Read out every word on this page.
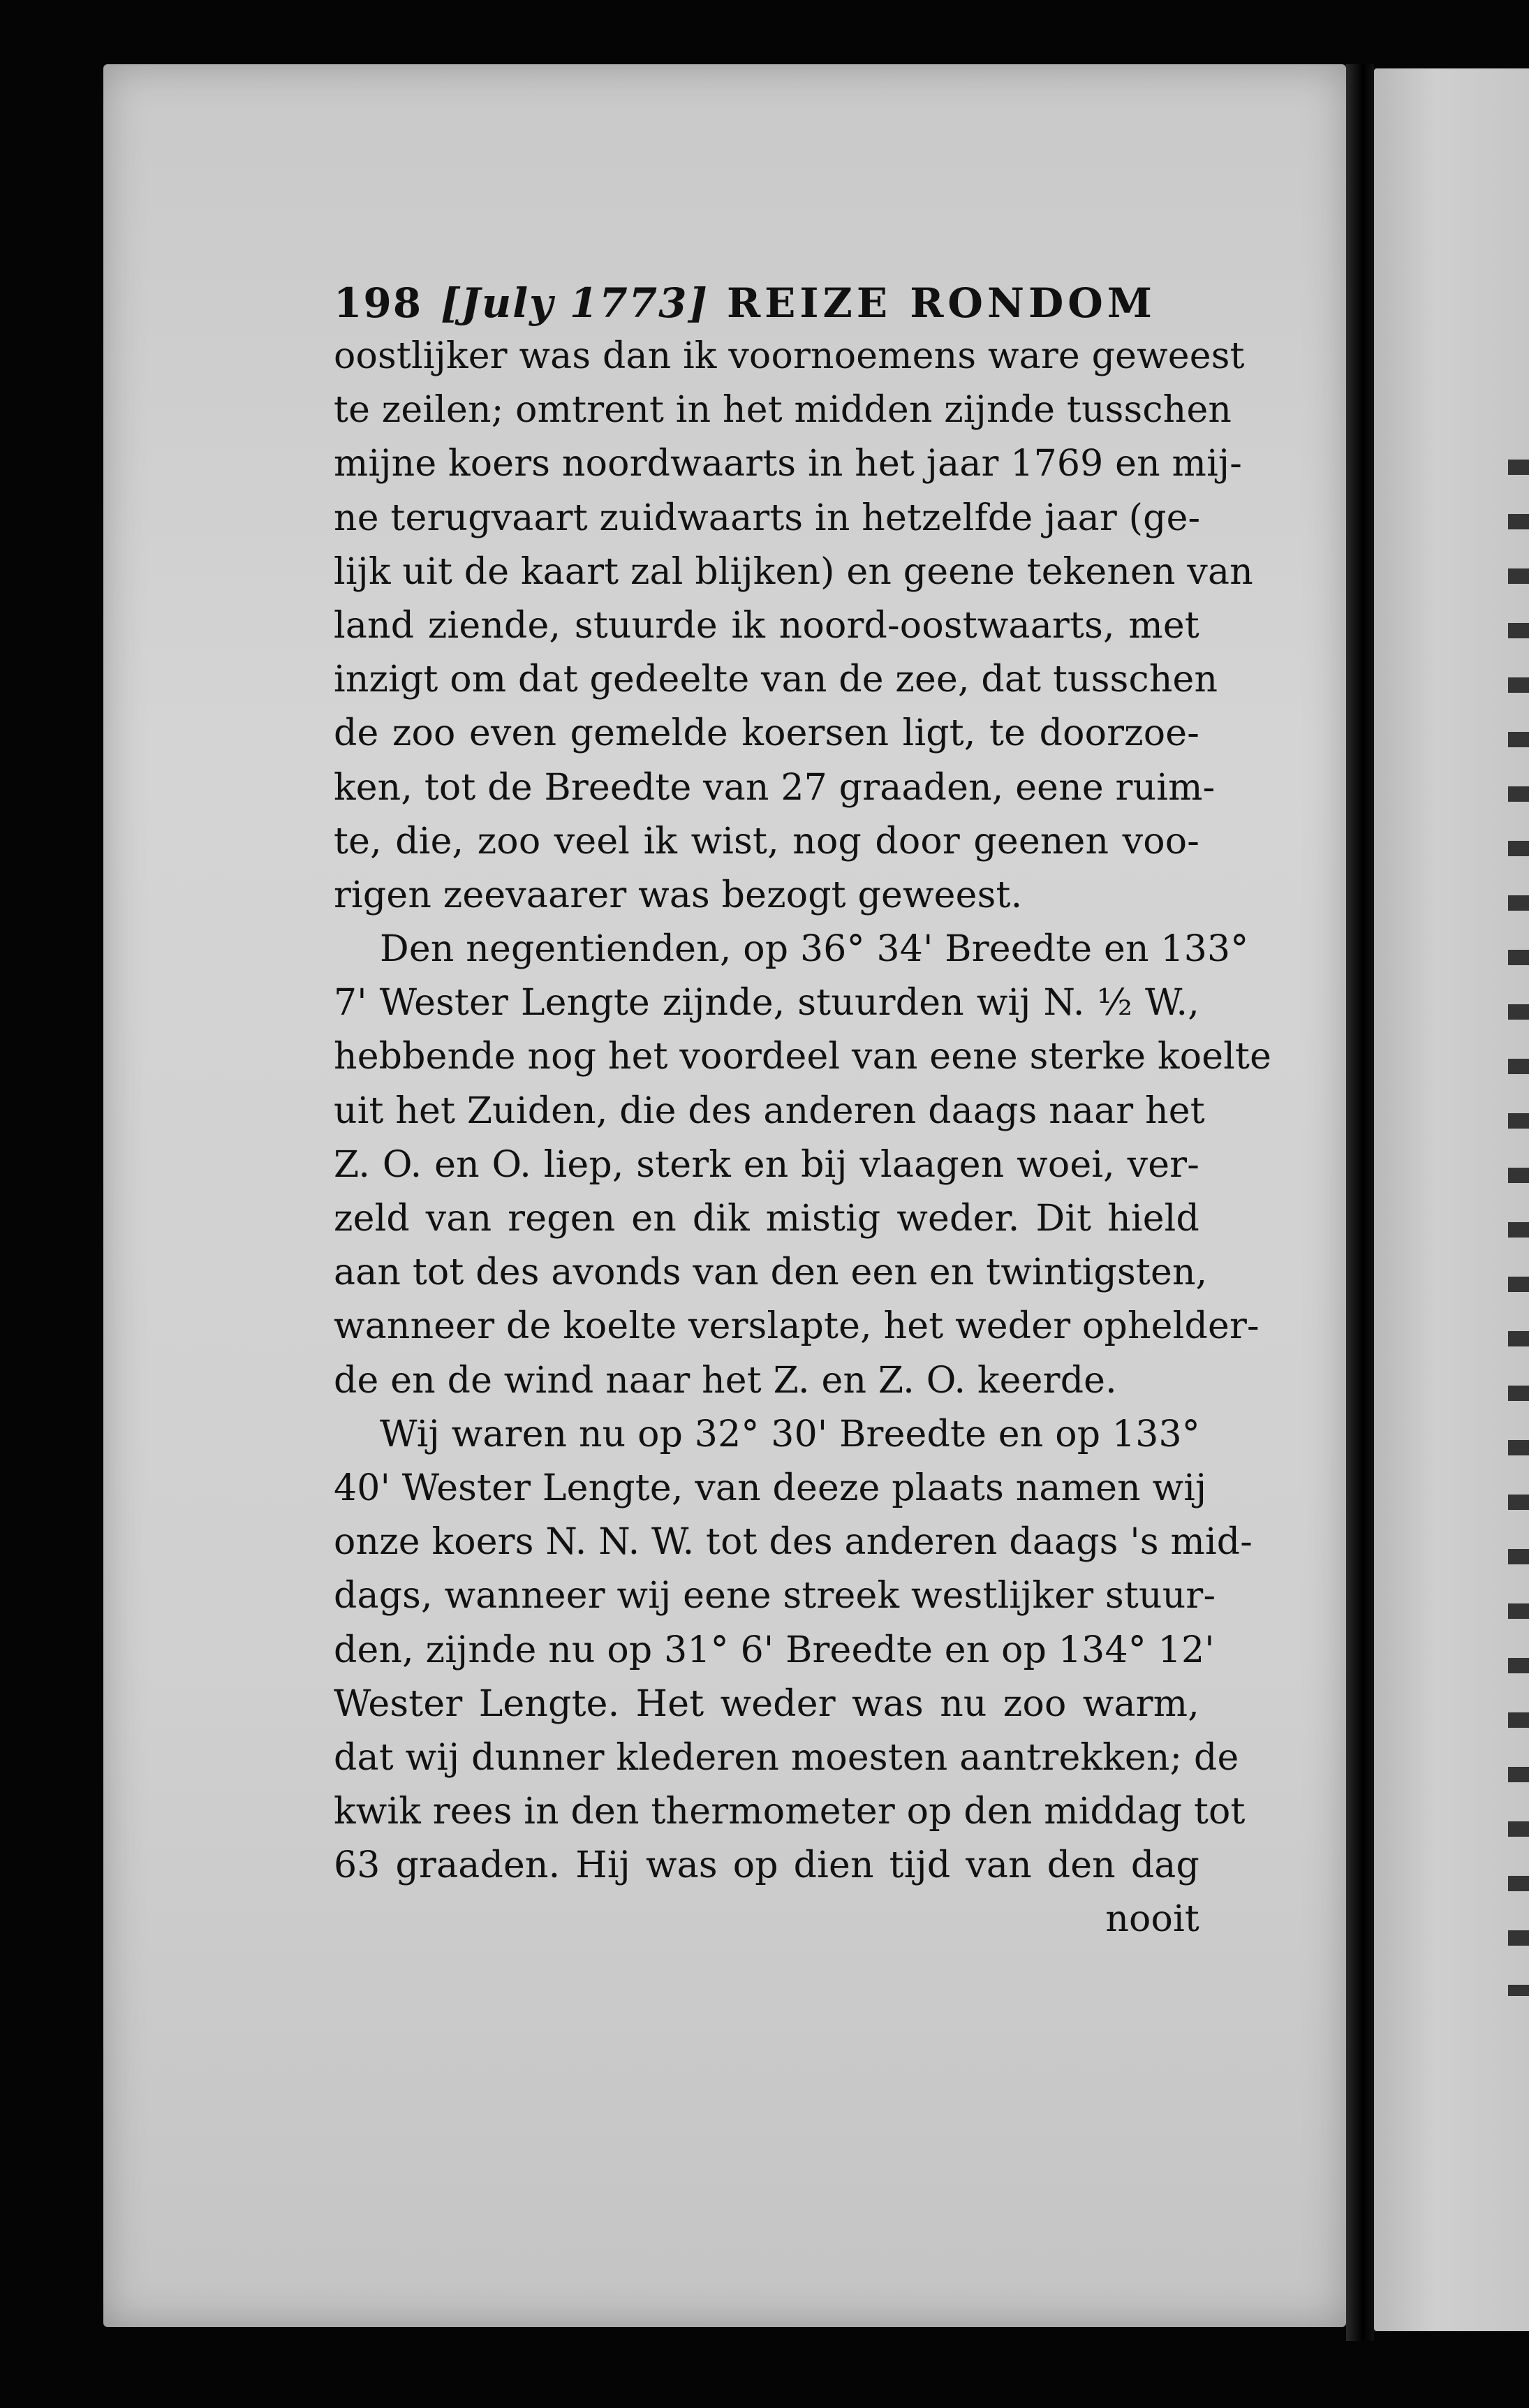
198 [July 1773] REIZE RONDOM
oostlijker was dan ik voornoemens ware geweest
te zeilen; omtrent in het midden zijnde tusschen
mijne koers noordwaarts in het jaar 1769 en mij-
ne terugvaart zuidwaarts in hetzelfde jaar (ge-
lijk uit de kaart zal blijken) en geene tekenen van
land ziende, stuurde ik noord-oostwaarts, met
inzigt om dat gedeelte van de zee, dat tusschen
de zoo even gemelde koersen ligt, te doorzoe-
ken, tot de Breedte van 27 graaden, eene ruim-
te, die, zoo veel ik wist, nog door geenen voo-
rigen zeevaarer was bezogt geweest.
Den negentienden, op 36° 34' Breedte en 133°
7' Wester Lengte zijnde, stuurden wij N. ½ W.,
hebbende nog het voordeel van eene sterke koelte
uit het Zuiden, die des anderen daags naar het
Z. O. en O. liep, sterk en bij vlaagen woei, ver-
zeld van regen en dik mistig weder. Dit hield
aan tot des avonds van den een en twintigsten,
wanneer de koelte verslapte, het weder ophelder-
de en de wind naar het Z. en Z. O. keerde.
Wij waren nu op 32° 30' Breedte en op 133°
40' Wester Lengte, van deeze plaats namen wij
onze koers N. N. W. tot des anderen daags 's mid-
dags, wanneer wij eene streek westlijker stuur-
den, zijnde nu op 31° 6' Breedte en op 134° 12'
Wester Lengte. Het weder was nu zoo warm,
dat wij dunner klederen moesten aantrekken; de
kwik rees in den thermometer op den middag tot
63 graaden. Hij was op dien tijd van den dag
nooit
